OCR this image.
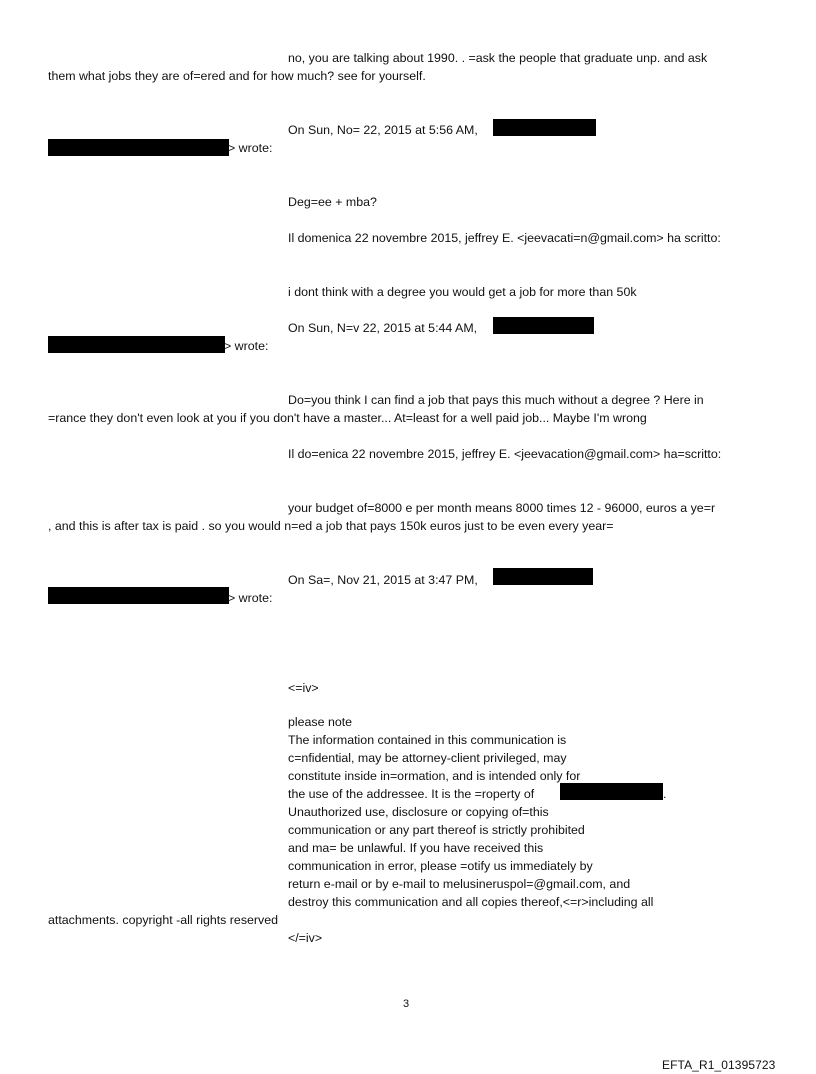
no, you are talking about 1990. . =ask the people that graduate unp. and ask
them what jobs they are of=ered and for how much? see for yourself.
On Sun, No= 22, 2015 at 5:56 AM,
> wrote:
Deg=ee + mba?
Il domenica 22 novembre 2015, jeffrey E. <jeevacati=n@gmail.com> ha scritto:
i dont think with a degree you would get a job for more than 50k
On Sun, N=v 22, 2015 at 5:44 AM,
> wrote:
Do=you think I can find a job that pays this much without a degree ? Here in
=rance they don't even look at you if you don't have a master... At=least for a well paid job... Maybe I'm wrong
Il do=enica 22 novembre 2015, jeffrey E. <jeevacation@gmail.com> ha=scritto:
your budget of=8000 e per month means 8000 times 12 - 96000, euros a ye=r
, and this is after tax is paid . so you would n=ed a job that pays 150k euros just to be even every year=
On Sa=, Nov 21, 2015 at 3:47 PM,
> wrote:
<=iv>
please note
The information contained in this communication is
c=nfidential, may be attorney-client privileged, may
constitute inside in=ormation, and is intended only for
the use of the addressee. It is the =roperty of	.
Unauthorized use, disclosure or copying of=this
communication or any part thereof is strictly prohibited
and ma= be unlawful. If you have received this
communication in error, please =otify us immediately by
return e-mail or by e-mail to melusineruspol=@gmail.com, and
destroy this communication and all copies thereof,<=r>including all
attachments. copyright -all rights reserved
</=iv>
3
EFTA_R1_01395723
